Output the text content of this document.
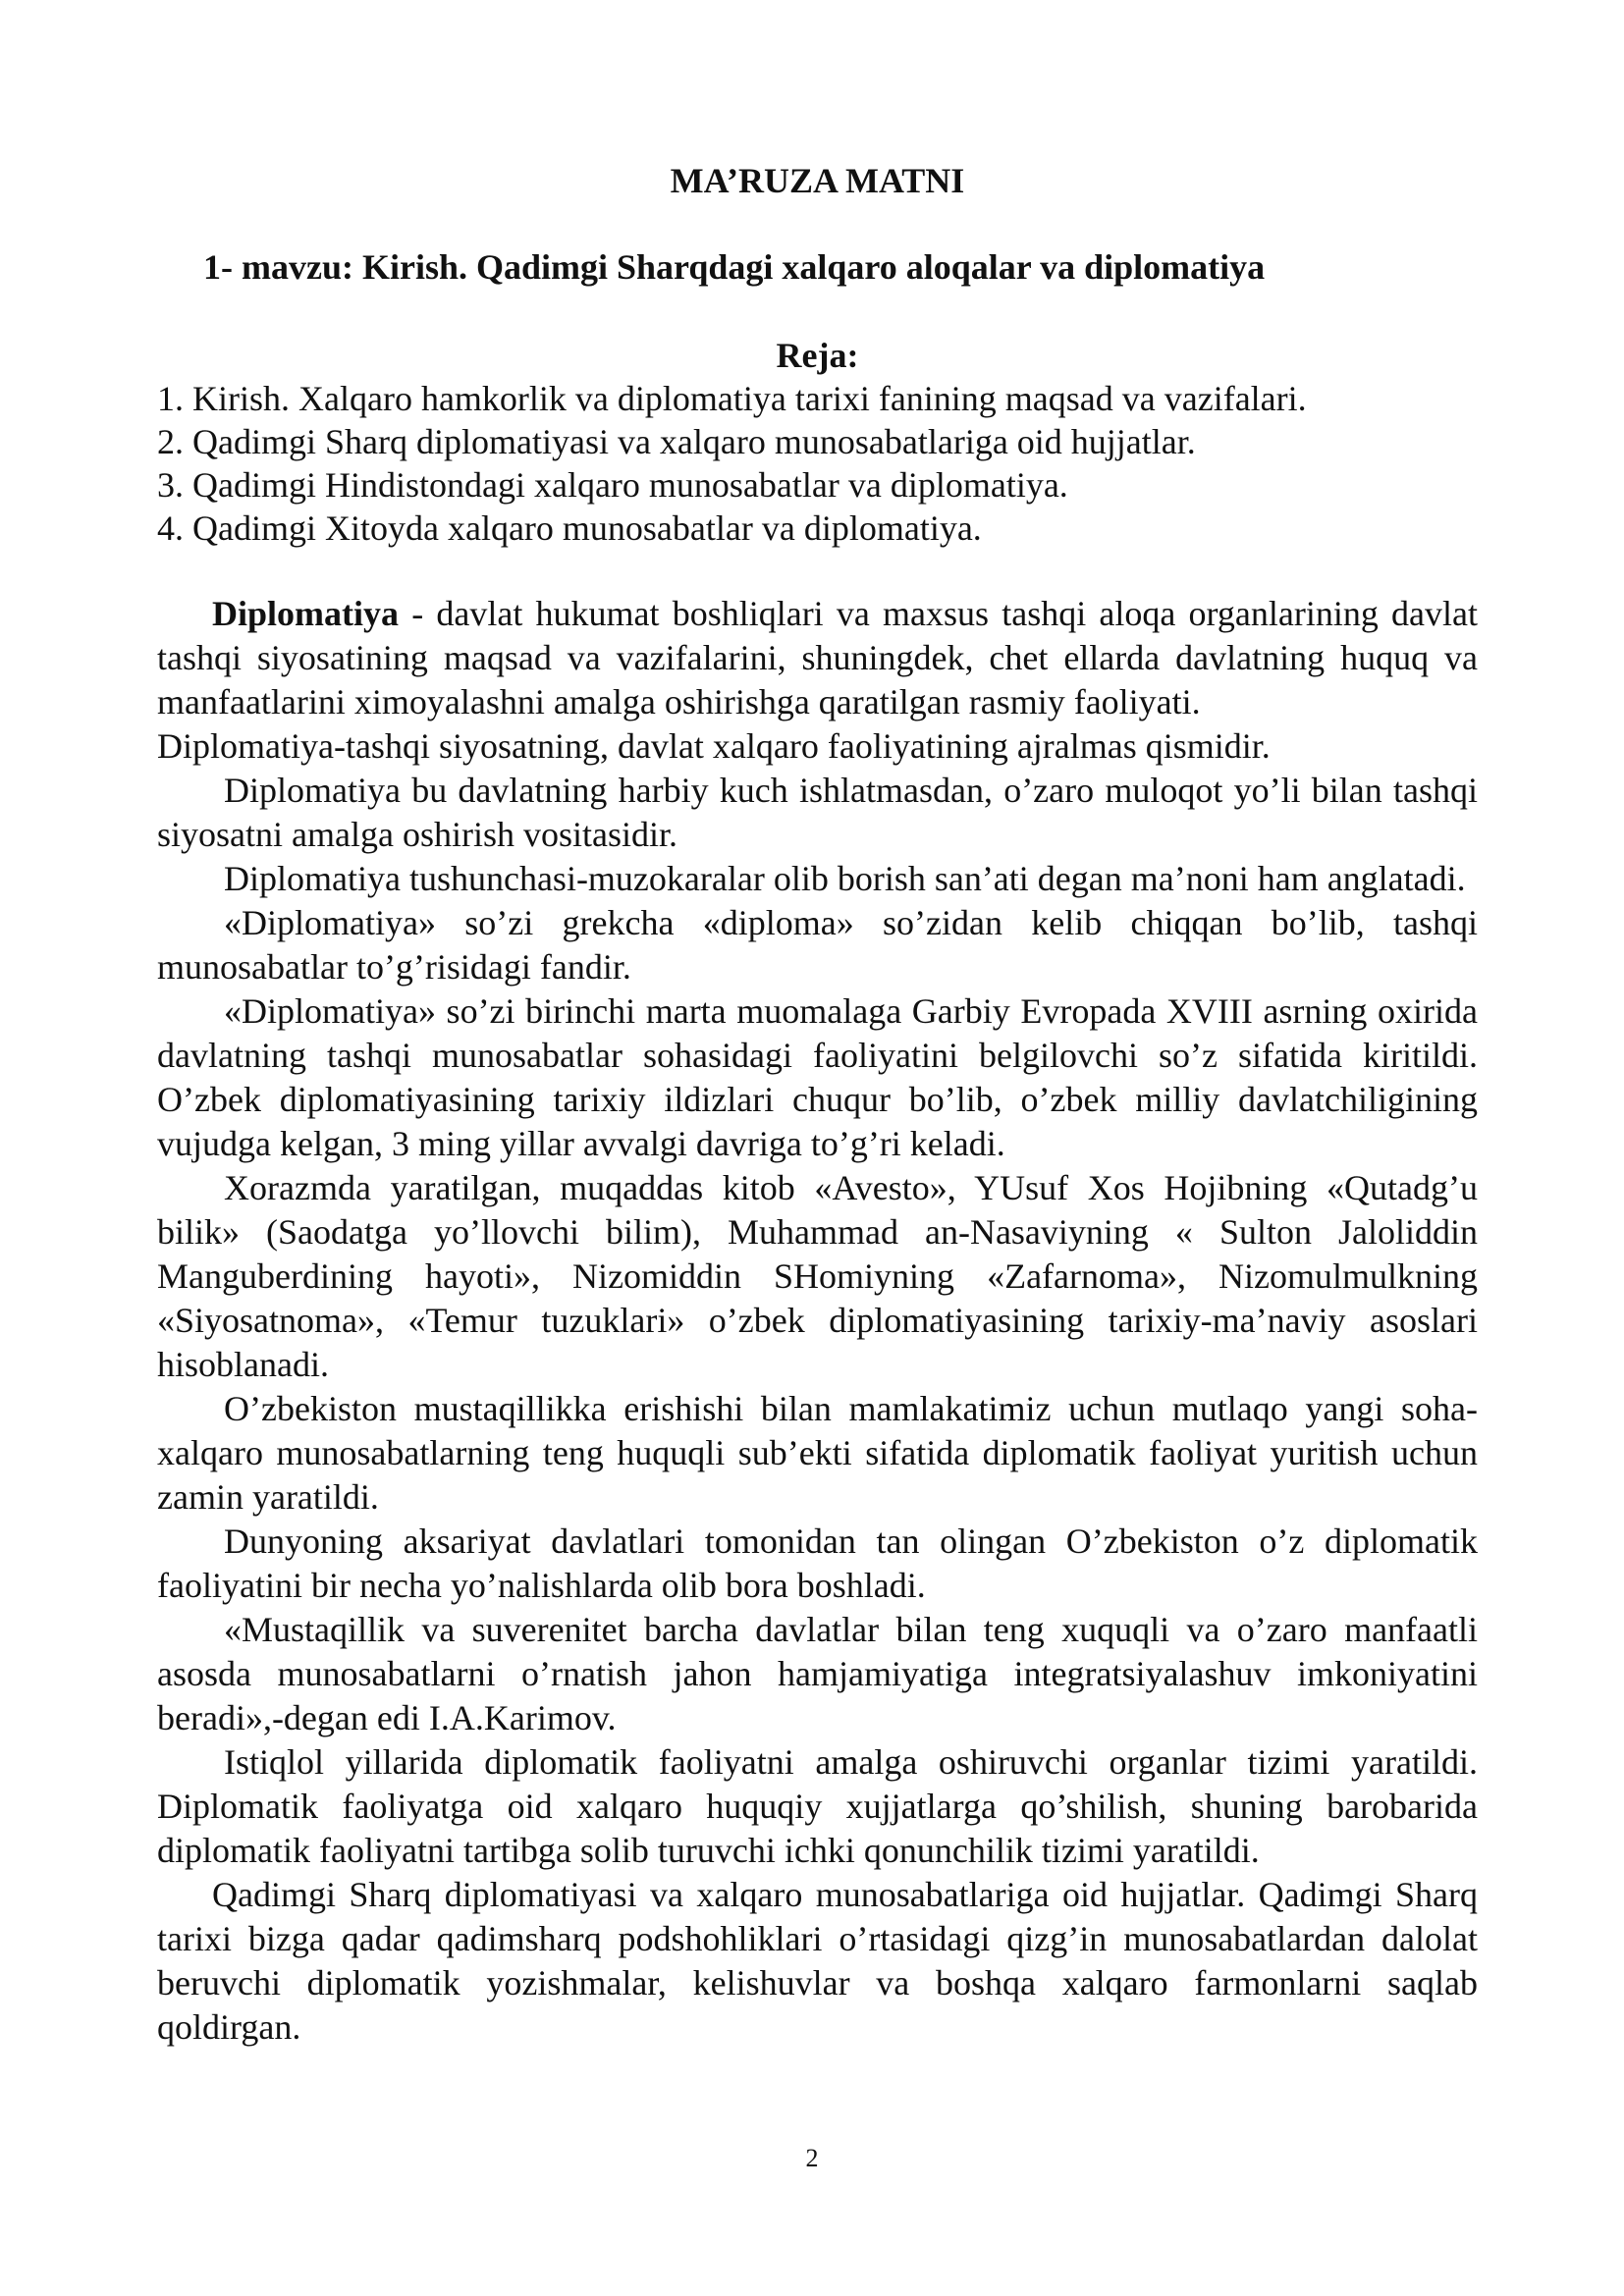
MA’RUZA MATNI
1- mavzu: Kirish. Qadimgi Sharqdagi xalqaro aloqalar va diplomatiya
Reja:
1. Kirish. Xalqaro hamkorlik va diplomatiya tarixi fanining maqsad va vazifalari.
2. Qadimgi Sharq diplomatiyasi va xalqaro munosabatlariga oid hujjatlar.
3. Qadimgi Hindistondagi xalqaro munosabatlar va diplomatiya.
4. Qadimgi Xitoyda xalqaro munosabatlar va diplomatiya.

Diplomatiya - davlat hukumat boshliqlari va maxsus tashqi aloqa organlarining davlat tashqi siyosatining maqsad va vazifalarini, shuningdek, chet ellarda davlatning huquq va manfaatlarini ximoyalashni amalga oshirishga qaratilgan rasmiy faoliyati.

Diplomatiya-tashqi siyosatning, davlat xalqaro faoliyatining ajralmas qismidir.

Diplomatiya bu davlatning harbiy kuch ishlatmasdan, o’zaro muloqot yo’li bilan tashqi siyosatni amalga oshirish vositasidir.

Diplomatiya tushunchasi-muzokaralar olib borish san’ati degan ma’noni ham anglatadi.

«Diplomatiya» so’zi grekcha «diploma» so’zidan kelib chiqqan bo’lib, tashqi munosabatlar to’g’risidagi fandir.

«Diplomatiya» so’zi birinchi marta muomalaga Garbiy Evropada XVIII asrning oxirida davlatning tashqi munosabatlar sohasidagi faoliyatini belgilovchi so’z sifatida kiritildi. O’zbek diplomatiyasining tarixiy ildizlari chuqur bo’lib, o’zbek milliy davlatchiligining vujudga kelgan, 3 ming yillar avvalgi davriga to’g’ri keladi.

Xorazmda yaratilgan, muqaddas kitob «Avesto», YUsuf Xos Hojibning «Qutadg’u bilik» (Saodatga yo’llovchi bilim), Muhammad an-Nasaviyning « Sulton Jaloliddin Manguberdining hayoti», Nizomiddin SHomiyning «Zafarnoma», Nizomulmulkning «Siyosatnoma», «Temur tuzuklari» o’zbek diplomatiyasining tarixiy-ma’naviy asoslari hisoblanadi.

O’zbekiston mustaqillikka erishishi bilan mamlakatimiz uchun mutlaqo yangi soha-xalqaro munosabatlarning teng huquqli sub’ekti sifatida diplomatik faoliyat yuritish uchun zamin yaratildi.

Dunyoning aksariyat davlatlari tomonidan tan olingan O’zbekiston o’z diplomatik faoliyatini bir necha yo’nalishlarda olib bora boshladi.

«Mustaqillik va suverenitet barcha davlatlar bilan teng xuquqli va o’zaro manfaatli asosda munosabatlarni o’rnatish jahon hamjamiyatiga integratsiyalashuv imkoniyatini beradi»,-degan edi I.A.Karimov.

Istiqlol yillarida diplomatik faoliyatni amalga oshiruvchi organlar tizimi yaratildi. Diplomatik faoliyatga oid xalqaro huquqiy xujjatlarga qo’shilish, shuning barobarida diplomatik faoliyatni tartibga solib turuvchi ichki qonunchilik tizimi yaratildi.

Qadimgi Sharq diplomatiyasi va xalqaro munosabatlariga oid hujjatlar. Qadimgi Sharq tarixi bizga qadar qadimsharq podshohliklari o’rtasidagi qizg’in munosabatlardan dalolat beruvchi diplomatik yozishmalar, kelishuvlar va boshqa xalqaro farmonlarni saqlab qoldirgan.

2
